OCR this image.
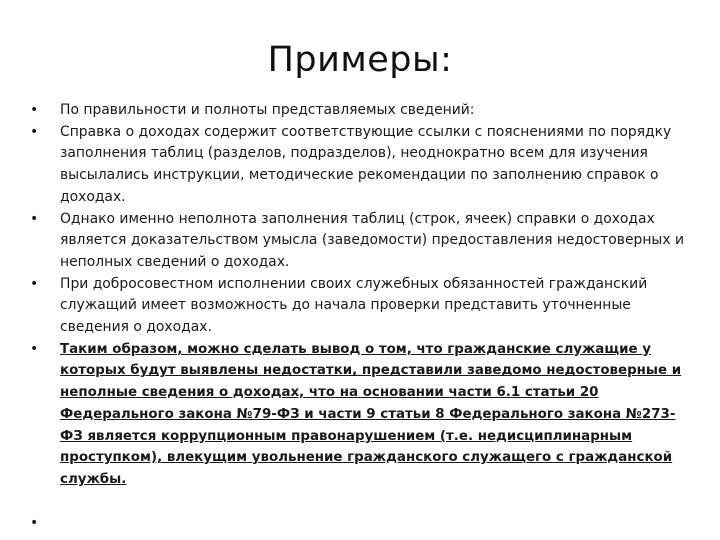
Примеры:
• По правильности и полноты представляемых сведений:
• Справка о доходах содержит соответствующие ссылки с пояснениями по порядку заполнения таблиц (разделов, подразделов), неоднократно всем для изучения высылались инструкции, методические рекомендации по заполнению справок о доходах.
• Однако именно неполнота заполнения таблиц (строк, ячеек) справки о доходах является доказательством умысла (заведомости) предоставления недостоверных и неполных сведений о доходах.
• При добросовестном исполнении своих служебных обязанностей гражданский служащий имеет возможность до начала проверки представить уточненные сведения о доходах.
• Таким образом, можно сделать вывод о том, что гражданские служащие у которых будут выявлены недостатки, представили заведомо недостоверные и неполные сведения о доходах, что на основании части 6.1 статьи 20 Федерального закона №79-ФЗ и части 9 статьи 8 Федерального закона №273-ФЗ является коррупционным правонарушением (т.е. недисциплинарным проступком), влекущим увольнение гражданского служащего с гражданской службы.
•
